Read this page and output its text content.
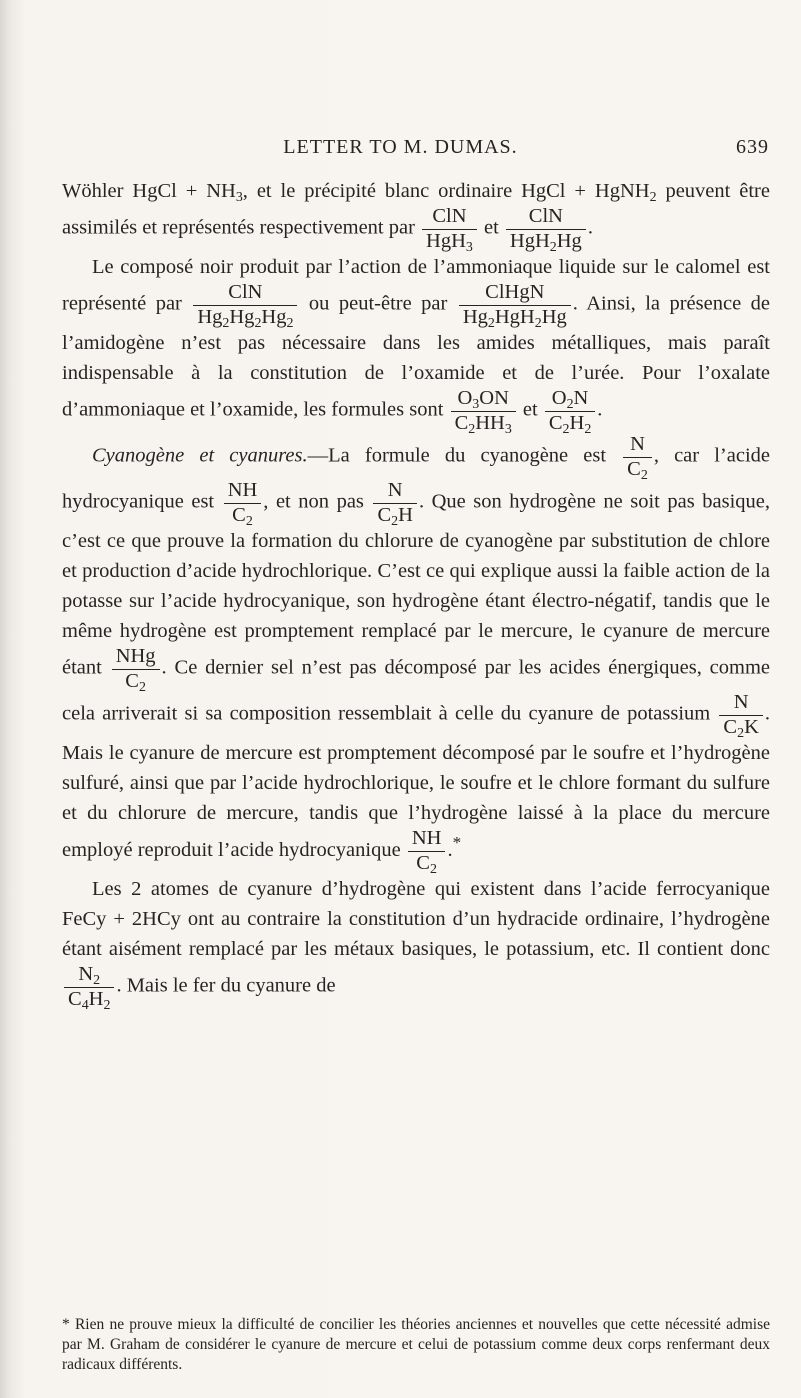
LETTER TO M. DUMAS.	639

Wöhler HgCl + $NH_3$, et le précipité blanc ordinaire HgCl + HgNH$_2$ peuvent être assimilés et représentés respectivement par $\frac{\text{ClN}}{HgH_3}$ et $\frac{\text{ClN}}{HgH_2Hg}$ .

Le composé noir produit par l’action de l’ammoniaque liquide sur le calomel est représenté par $\frac{\text{ClN}}{Hg_2Hg_2Hg_2}$ ou peut-être par $\frac{\text{ClHgN}}{Hg_2HgH_2Hg}$ . Ainsi, la présence de l’amidogène n’est pas nécessaire dans les amides métalliques, mais paraît indispensable à la constitution de l’oxamide et de l’urée. Pour l’oxalate d’ammoniaque et l’oxamide, les formules sont $\frac{O_3ON}{C_2HH_3}$ et $\frac{O_2N}{C_2H_2}$ .

Cyanogène et cyanures.—La formule du cyanogène est $\frac{N}{C_2}$ , car l’acide hydrocyanique est $\frac{NH}{C_2}$ , et non pas $\frac{N}{C_2H}$ . Que son hydrogène ne soit pas basique, c’est ce que prouve la formation du chlorure de cyanogène par substitution de chlore et production d’acide hydrochlorique. C’est ce qui explique aussi la faible action de la potasse sur l’acide hydrocyanique, son hydrogène étant électro-négatif, tandis que le même hydrogène est promptement remplacé par le mercure, le cyanure de mercure étant $\frac{\text{NHg}}{C_2}$ . Ce dernier sel n’est pas décomposé par les acides énergiques, comme cela arriverait si sa composition ressemblait à celle du cyanure de potassium $\frac{N}{C_2K}$ . Mais le cyanure de mercure est promptement décomposé par le soufre et l’hydrogène sulfuré, ainsi que par l’acide hydrochlorique, le soufre et le chlore formant du sulfure et du chlorure de mercure, tandis que l’hydrogène laissé à la place du mercure employé reproduit l’acide hydrocyanique $\frac{NH}{C_2} .^*$

Les 2 atomes de cyanure d’hydrogène qui existent dans l’acide ferrocyanique FeCy + 2HCy ont au contraire la constitution d’un hydracide ordinaire, l’hydrogène étant aisément remplacé par les métaux basiques, le potassium, etc. Il contient donc
$\frac{N_2}{C_4H_2}$ . Mais le fer du cyanure de

* Rien ne prouve mieux la difficulté de concilier les théories anciennes et nouvelles que cette nécessité admise par M. Graham de considérer le cyanure de mercure et celui de potassium comme deux corps renfermant deux radicaux différents.
